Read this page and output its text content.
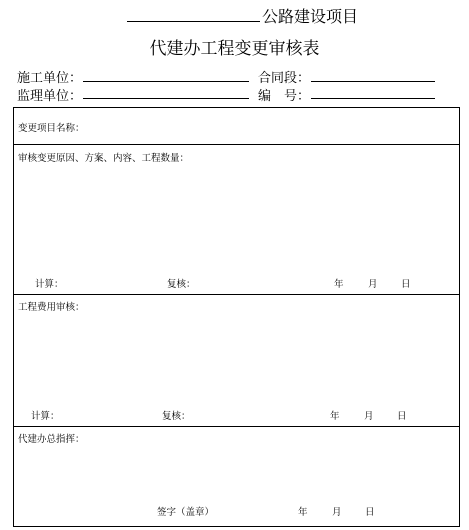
公路建设项目
代建办工程变更审核表
施工单位：	合同段：
监理单位：	编　号：
变更项目名称：
审核变更原因、方案、内容、工程数量：
计算：	复核：	年	月 日
工程费用审核：
计算：	复核：	年	月 日
代建办总指挥：
签字（盖章）	年	月 日
